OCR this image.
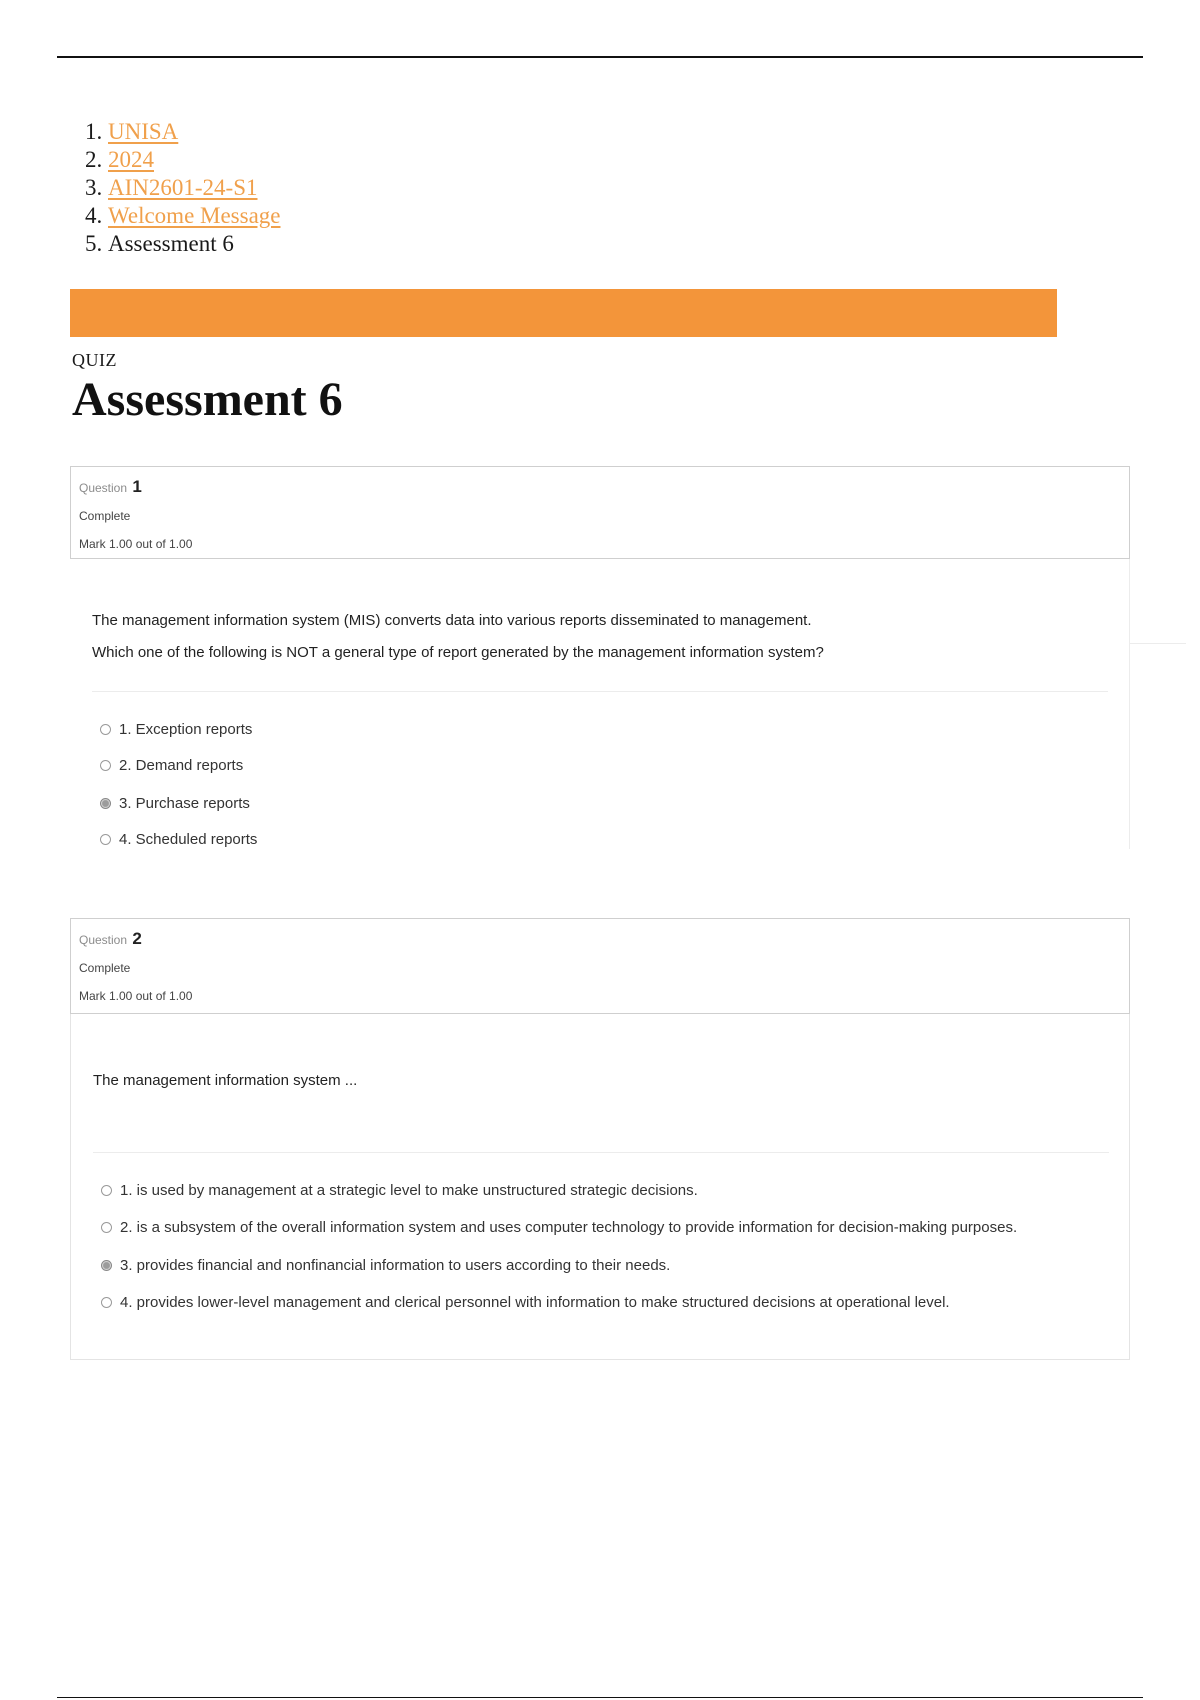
1. UNISA
2. 2024
3. AIN2601-24-S1
4. Welcome Message
5. Assessment 6
QUIZ
Assessment 6
Question 1
Complete
Mark 1.00 out of 1.00

The management information system (MIS) converts data into various reports disseminated to management.

Which one of the following is NOT a general type of report generated by the management information system?

1. Exception reports
2. Demand reports
3. Purchase reports
4. Scheduled reports
Question 2
Complete
Mark 1.00 out of 1.00

The management information system ...

1. is used by management at a strategic level to make unstructured strategic decisions.
2. is a subsystem of the overall information system and uses computer technology to provide information for decision-making purposes.
3. provides financial and nonfinancial information to users according to their needs.
4. provides lower-level management and clerical personnel with information to make structured decisions at operational level.
